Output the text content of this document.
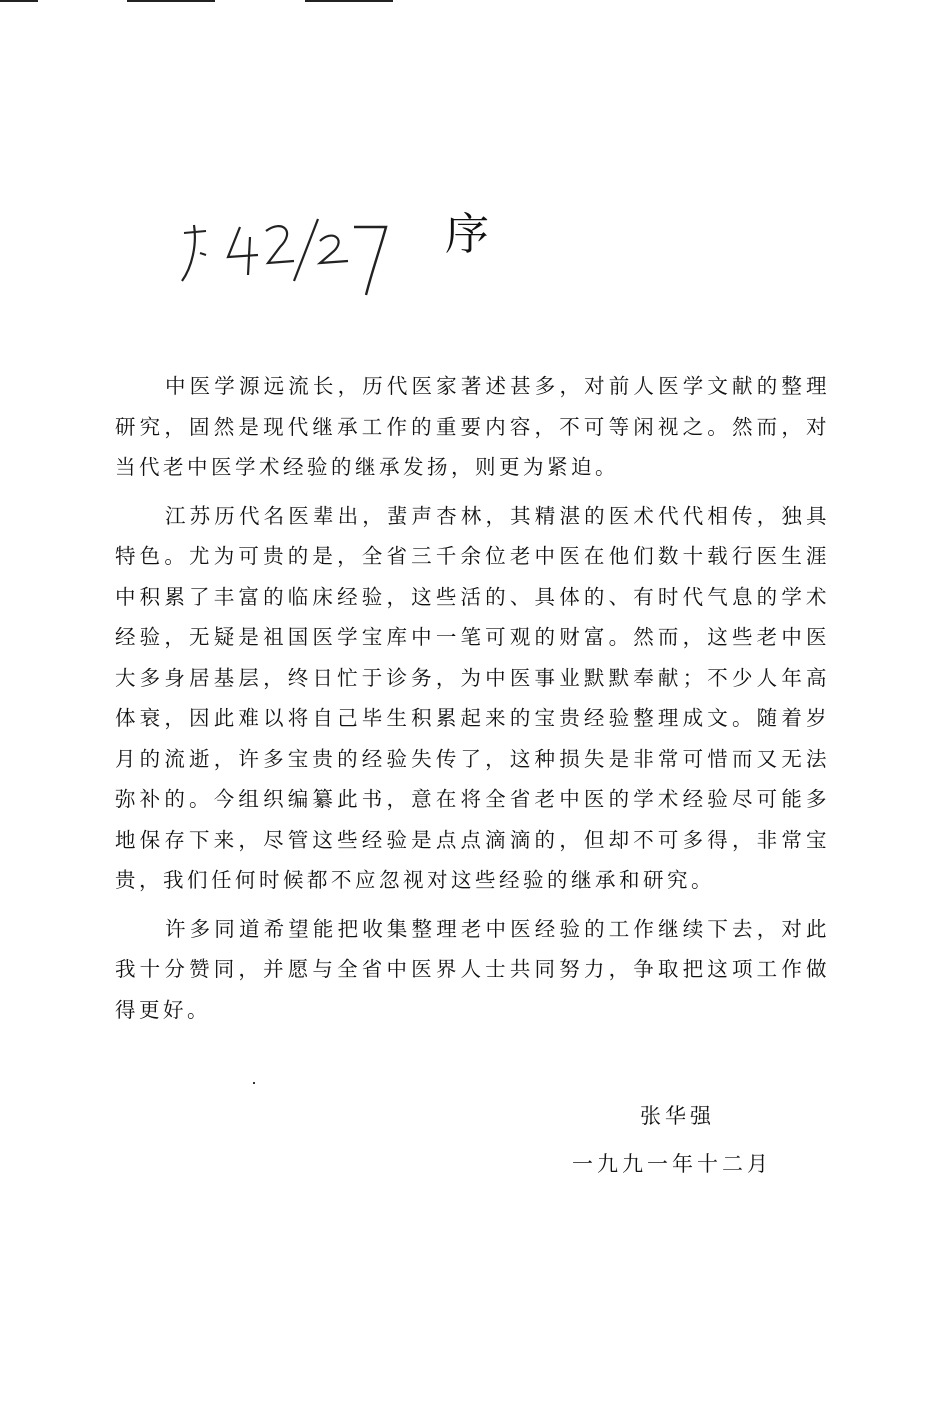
序

中医学源远流长，历代医家著述甚多，对前人医学文献的整理研究，固然是现代继承工作的重要内容，不可等闲视之。然而，对当代老中医学术经验的继承发扬，则更为紧迫。

江苏历代名医辈出，蜚声杏林，其精湛的医术代代相传，独具特色。尤为可贵的是，全省三千余位老中医在他们数十载行医生涯中积累了丰富的临床经验，这些活的、具体的、有时代气息的学术经验，无疑是祖国医学宝库中一笔可观的财富。然而，这些老中医大多身居基层，终日忙于诊务，为中医事业默默奉献；不少人年高体衰，因此难以将自己毕生积累起来的宝贵经验整理成文。随着岁月的流逝，许多宝贵的经验失传了，这种损失是非常可惜而又无法弥补的。今组织编纂此书，意在将全省老中医的学术经验尽可能多地保存下来，尽管这些经验是点点滴滴的，但却不可多得，非常宝贵，我们任何时候都不应忽视对这些经验的继承和研究。

许多同道希望能把收集整理老中医经验的工作继续下去，对此我十分赞同，并愿与全省中医界人士共同努力，争取把这项工作做得更好。

张华强
一九九一年十二月
